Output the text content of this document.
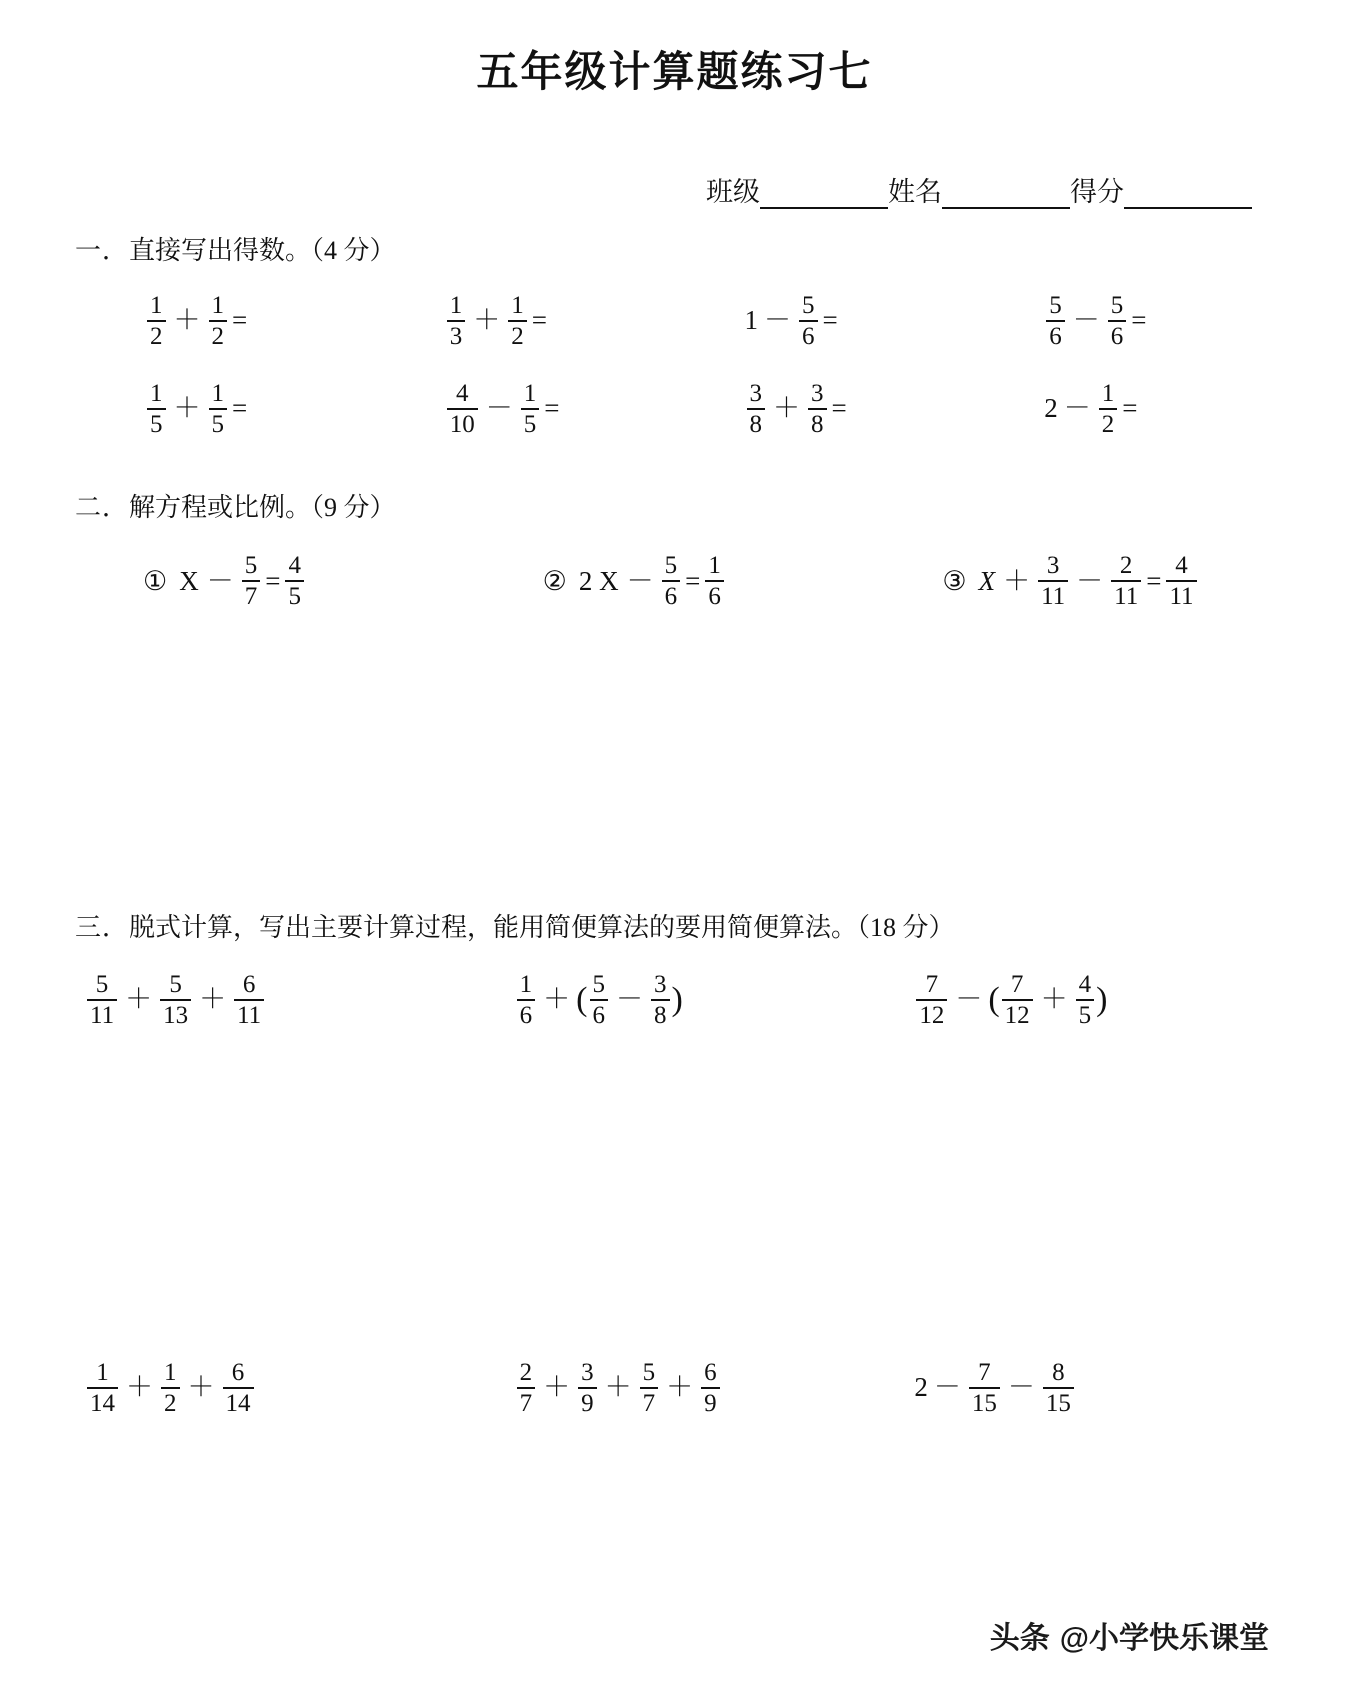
五年级计算题练习七
班级	姓名	得分
一．直接写出得数。（4 分）
$\frac{1}{2} + \frac{1}{2}$ =	$\frac{1}{3} + \frac{1}{2}$ =	$1 - \frac{5}{6}$ =	$\frac{5}{6} - \frac{5}{6}$ =
$\frac{1}{5} + \frac{1}{5}$ =	$\frac{4}{10} - \frac{1}{5}$ =	$\frac{3}{8} + \frac{3}{8}$ =	$2 - \frac{1}{2}$ =
二．解方程或比例。（9 分）
① $X - \frac{5}{7} = \frac{4}{5}$	② 2 $X - \frac{5}{6} = \frac{1}{6}$	③ $X + \frac{3}{11} - \frac{2}{11} = \frac{4}{11}$
三．脱式计算，写出主要计算过程，能用简便算法的要用简便算法。（18 分）
$\frac{5}{11} + \frac{5}{13} + \frac{6}{11}$	$\frac{1}{6}$ ＋ ( $\frac{5}{6} - \frac{3}{8}$ )	$\frac{7}{12}$ － ( $\frac{7}{12} + \frac{4}{5}$ )
$\frac{1}{14} + \frac{1}{2} + \frac{6}{14}$	$\frac{2}{7} + \frac{3}{9} + \frac{5}{7} + \frac{6}{9}$	$2 - \frac{7}{15} - \frac{8}{15}$
头条 @小学快乐课堂
